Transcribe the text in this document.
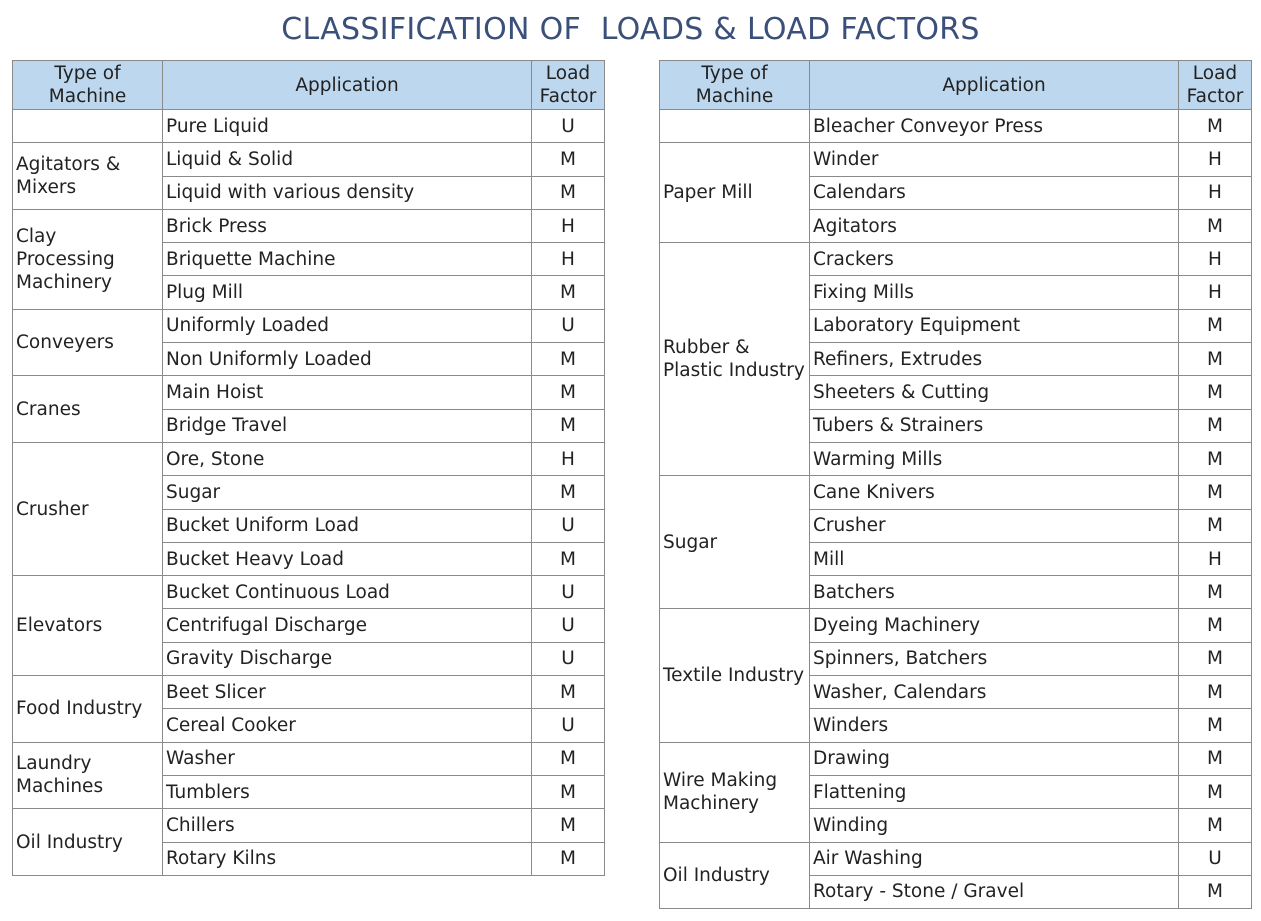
CLASSIFICATION OF  LOADS & LOAD FACTORS
Type of Machine	Application	Load Factor
	Pure Liquid	U
Agitators & Mixers	Liquid & Solid	M
	Liquid with various density	M
Clay Processing Machinery	Brick Press	H
	Briquette Machine	H
	Plug Mill	M
Conveyers	Uniformly Loaded	U
	Non Uniformly Loaded	M
Cranes	Main Hoist	M
	Bridge Travel	M
Crusher	Ore, Stone	H
	Sugar	M
	Bucket Uniform Load	U
	Bucket Heavy Load	M
Elevators	Bucket Continuous Load	U
	Centrifugal Discharge	U
	Gravity Discharge	U
Food Industry	Beet Slicer	M
	Cereal Cooker	U
Laundry Machines	Washer	M
	Tumblers	M
Oil Industry	Chillers	M
	Rotary Kilns	M
Type of Machine	Application	Load Factor
	Bleacher Conveyor Press	M
Paper Mill	Winder	H
	Calendars	H
	Agitators	M
Rubber & Plastic Industry	Crackers	H
	Fixing Mills	H
	Laboratory Equipment	M
	Refiners, Extrudes	M
	Sheeters & Cutting	M
	Tubers & Strainers	M
	Warming Mills	M
Sugar	Cane Knivers	M
	Crusher	M
	Mill	H
	Batchers	M
Textile Industry	Dyeing Machinery	M
	Spinners, Batchers	M
	Washer, Calendars	M
	Winders	M
Wire Making Machinery	Drawing	M
	Flattening	M
	Winding	M
Oil Industry	Air Washing	U
	Rotary - Stone / Gravel	M
